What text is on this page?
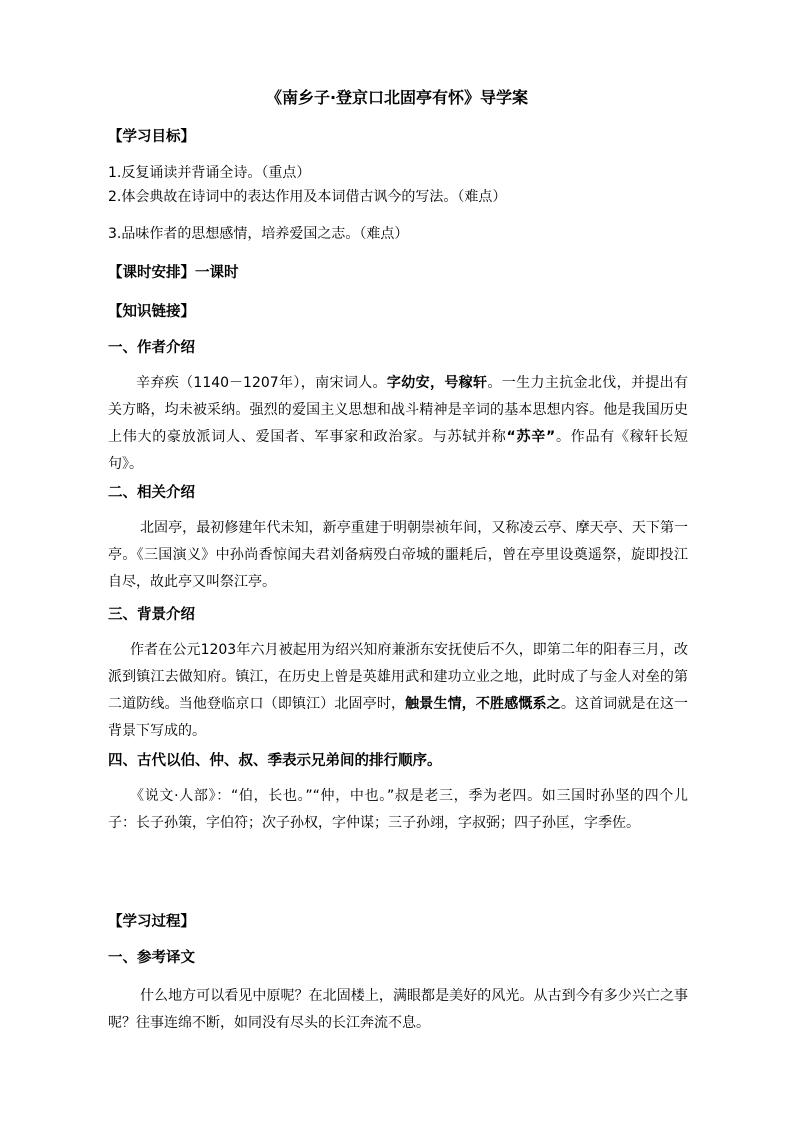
《南乡子·登京口北固亭有怀》导学案
【学习目标】
1.反复诵读并背诵全诗。（重点）
2.体会典故在诗词中的表达作用及本词借古讽今的写法。（难点）
3.品味作者的思想感情，培养爱国之志。（难点）
【课时安排】一课时
【知识链接】
一、作者介绍
辛弃疾（1140－1207年），南宋词人。字幼安，号稼轩。一生力主抗金北伐，并提出有关方略，均未被采纳。强烈的爱国主义思想和战斗精神是辛词的基本思想内容。他是我国历史上伟大的豪放派词人、爱国者、军事家和政治家。与苏轼并称“苏辛”。作品有《稼轩长短句》。
二、相关介绍
北固亭，最初修建年代未知，新亭重建于明朝崇祯年间，又称凌云亭、摩天亭、天下第一亭。《三国演义》中孙尚香惊闻夫君刘备病殁白帝城的噩耗后，曾在亭里设奠遥祭，旋即投江自尽，故此亭又叫祭江亭。
三、背景介绍
作者在公元1203年六月被起用为绍兴知府兼浙东安抚使后不久，即第二年的阳春三月，改派到镇江去做知府。镇江，在历史上曾是英雄用武和建功立业之地，此时成了与金人对垒的第二道防线。当他登临京口（即镇江）北固亭时，触景生情，不胜感慨系之。这首词就是在这一背景下写成的。
四、古代以伯、仲、叔、季表示兄弟间的排行顺序。
《说文·人部》：“伯，长也。”“仲，中也。”叔是老三，季为老四。如三国时孙坚的四个儿子：长子孙策，字伯符；次子孙权，字仲谋；三子孙翊，字叔弼；四子孙匡，字季佐。
【学习过程】
一、参考译文
什么地方可以看见中原呢？在北固楼上，满眼都是美好的风光。从古到今有多少兴亡之事呢？往事连绵不断，如同没有尽头的长江奔流不息。
